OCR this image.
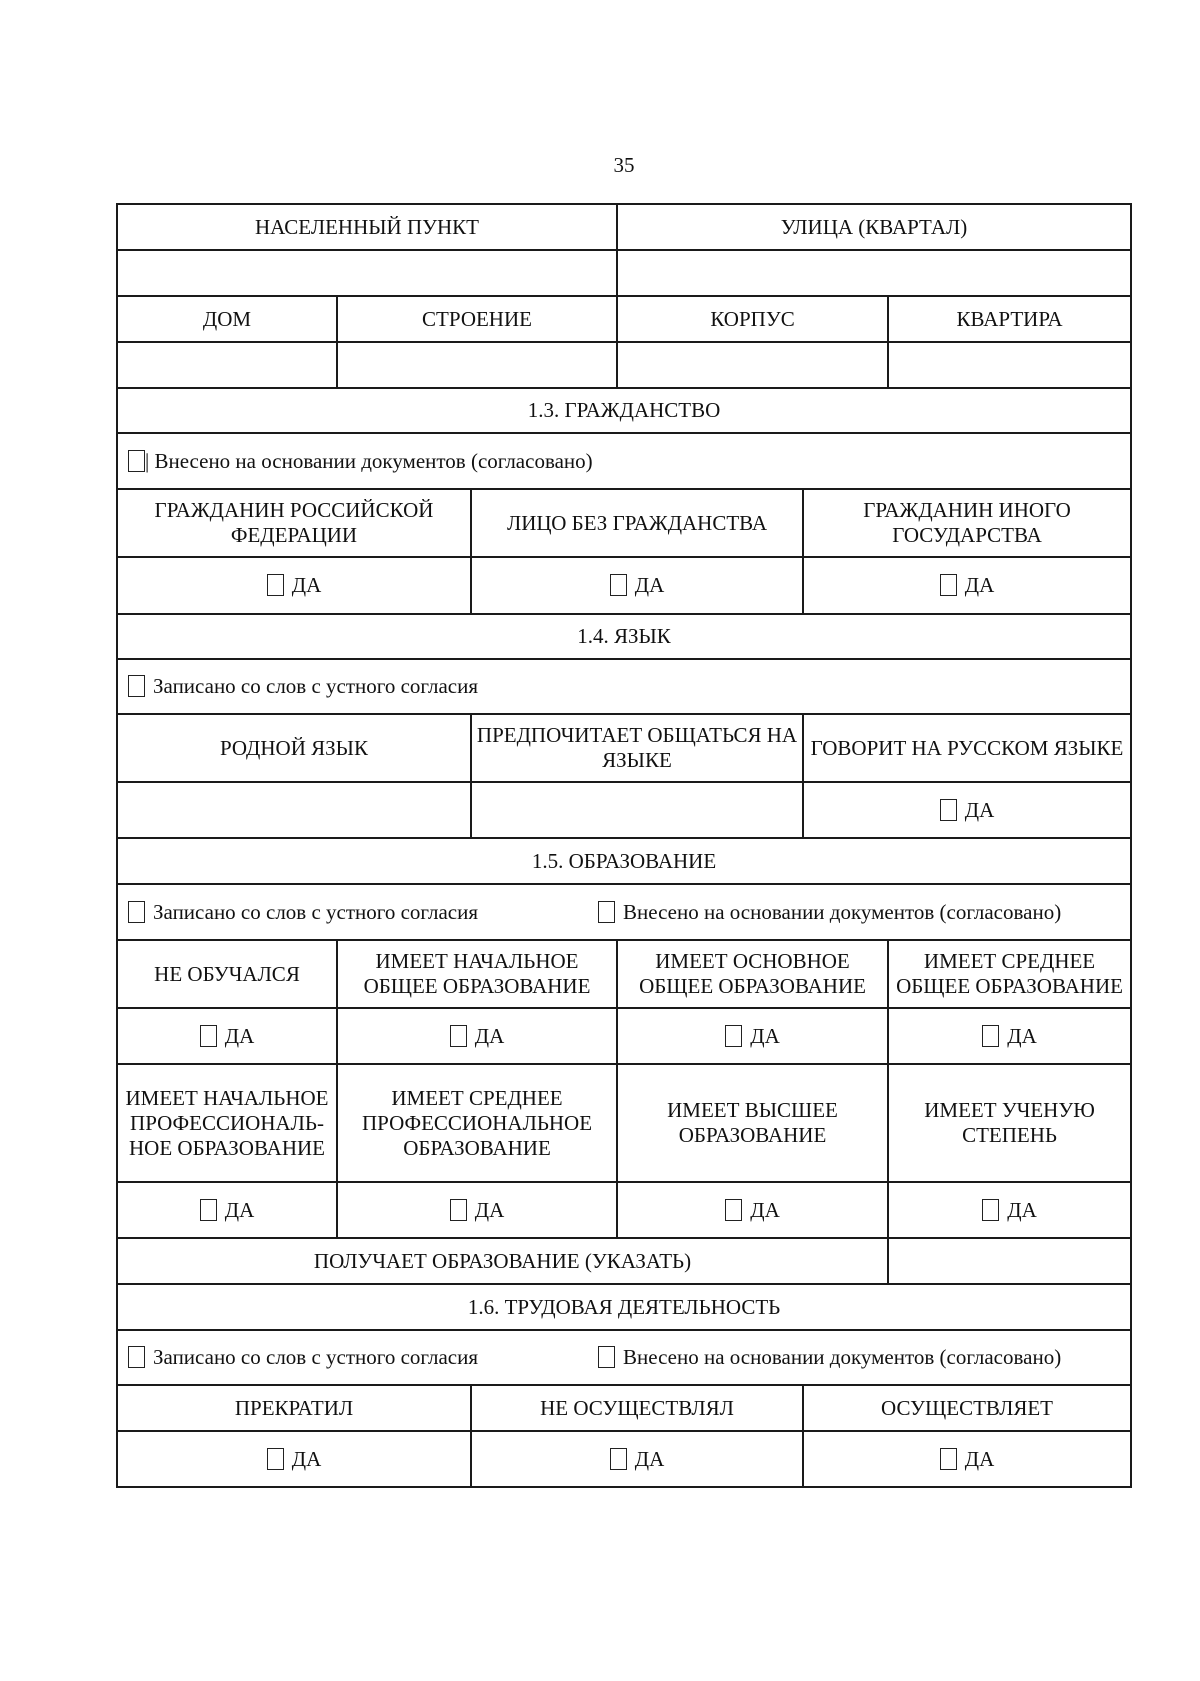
35
НАСЕЛЕННЫЙ ПУНКТ			УЛИЦА (КВАРТАЛ)		

ДОМ	СТРОЕНИЕ		КОРПУС		КВАРТИРА

1.3. ГРАЖДАНСТВО					
| Внесено на основании документов (согласовано)					
ГРАЖДАНИН РОССИЙСКОЙ ФЕДЕРАЦИИ		ЛИЦО БЕЗ ГРАЖДАНСТВА		ГРАЖДАНИН ИНОГО ГОСУДАРСТВА	
ДА		ДА		ДА	
1.4. ЯЗЫК					
Записано со слов с устного согласия					
РОДНОЙ ЯЗЫК		ПРЕДПОЧИТАЕТ ОБЩАТЬСЯ НА ЯЗЫКЕ		ГОВОРИТ НА РУССКОМ ЯЗЫКЕ	
				ДА	
1.5. ОБРАЗОВАНИЕ					
Записано со слов с устного согласия Внесено на основании документов (согласовано)					
НЕ ОБУЧАЛСЯ	ИМЕЕТ НАЧАЛЬНОЕ ОБЩЕЕ ОБРАЗОВАНИЕ		ИМЕЕТ ОСНОВНОЕ ОБЩЕЕ ОБРАЗОВАНИЕ		ИМЕЕТ СРЕДНЕЕ ОБЩЕЕ ОБРАЗОВАНИЕ
ДА	ДА		ДА		ДА
ИМЕЕТ НАЧАЛЬНОЕ ПРОФЕССИОНАЛЬ-НОЕ ОБРАЗОВАНИЕ	ИМЕЕТ СРЕДНЕЕ ПРОФЕССИОНАЛЬНОЕ ОБРАЗОВАНИЕ		ИМЕЕТ ВЫСШЕЕ ОБРАЗОВАНИЕ		ИМЕЕТ УЧЕНУЮ СТЕПЕНЬ
ДА	ДА		ДА		ДА
ПОЛУЧАЕТ ОБРАЗОВАНИЕ (УКАЗАТЬ)					
1.6. ТРУДОВАЯ ДЕЯТЕЛЬНОСТЬ					
Записано со слов с устного согласия Внесено на основании документов (согласовано)					
ПРЕКРАТИЛ		НЕ ОСУЩЕСТВЛЯЛ		ОСУЩЕСТВЛЯЕТ	
ДА		ДА		ДА	
